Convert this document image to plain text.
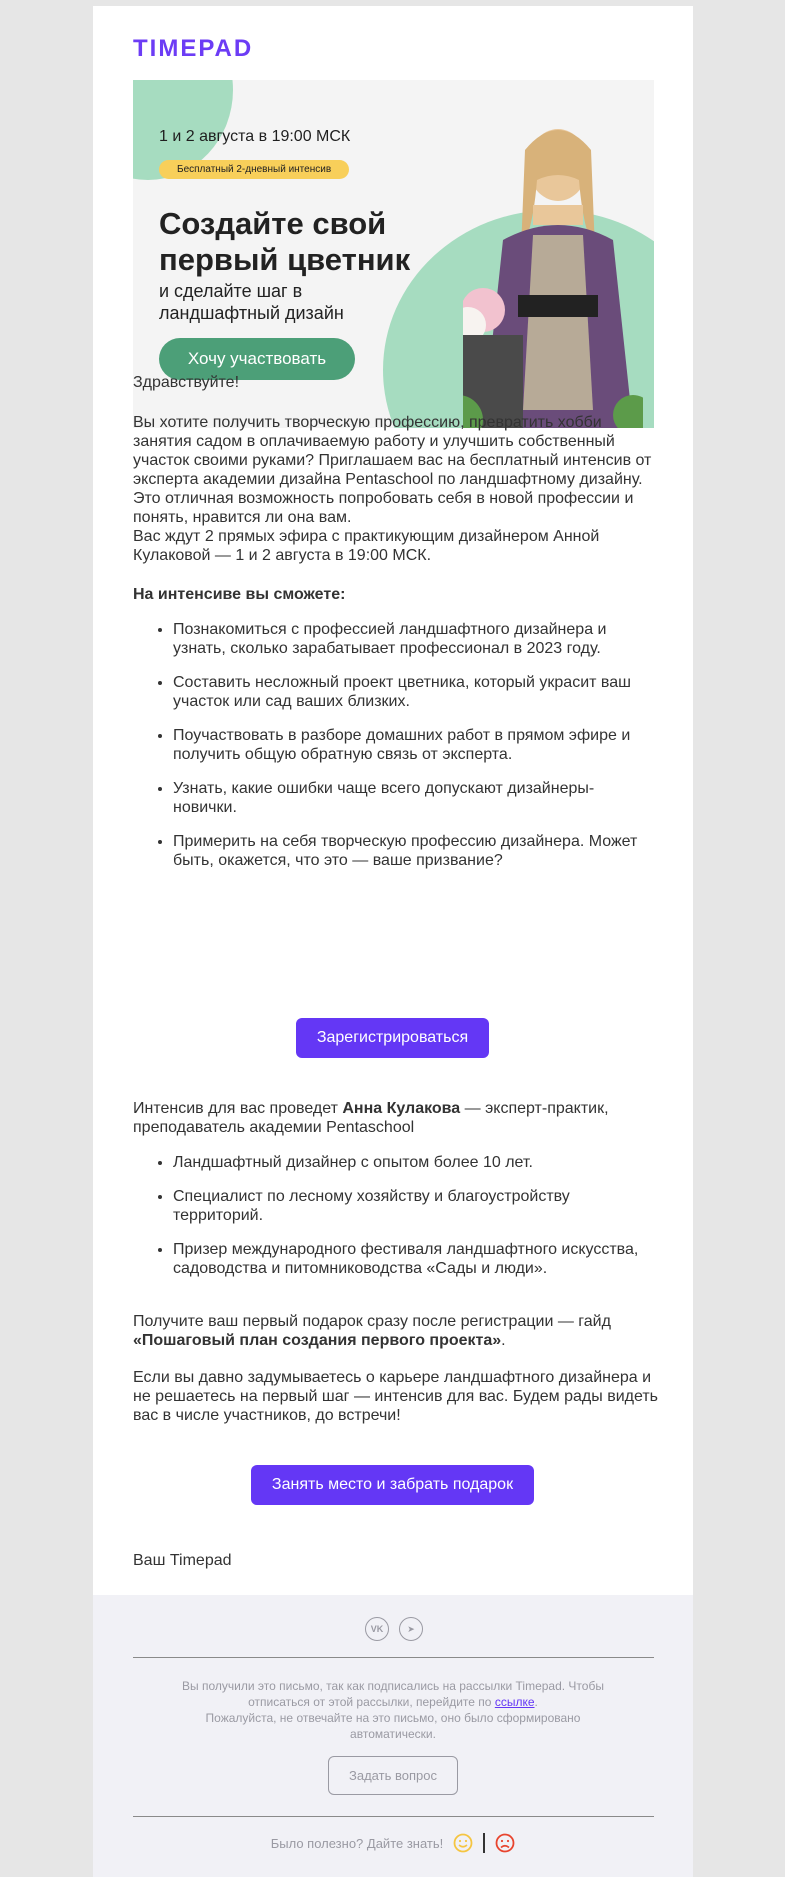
TIMEPAD
1 и 2 августа в 19:00 МСК
Бесплатный 2-дневный интенсив
Создайте свой первый цветник
и сделайте шаг в ландшафтный дизайн
Хочу участвовать

Здравствуйте!

Вы хотите получить творческую профессию, превратить хобби занятия садом в оплачиваемую работу и улучшить собственный участок своими руками? Приглашаем вас на бесплатный интенсив от эксперта академии дизайна Pentaschool по ландшафтному дизайну. Это отличная возможность попробовать себя в новой профессии и понять, нравится ли она вам.

Вас ждут 2 прямых эфира с практикующим дизайнером Анной Кулаковой — 1 и 2 августа в 19:00 МСК.

На интенсиве вы сможете:

• Познакомиться с профессией ландшафтного дизайнера и узнать, сколько зарабатывает профессионал в 2023 году.
• Составить несложный проект цветника, который украсит ваш участок или сад ваших близких.
• Поучаствовать в разборе домашних работ в прямом эфире и получить общую обратную связь от эксперта.
• Узнать, какие ошибки чаще всего допускают дизайнеры-новички.
• Примерить на себя творческую профессию дизайнера. Может быть, окажется, что это — ваше призвание?
Зарегистрироваться

Интенсив для вас проведет Анна Кулакова — эксперт-практик, преподаватель академии Pentaschool

• Ландшафтный дизайнер с опытом более 10 лет.
• Специалист по лесному хозяйству и благоустройству территорий.
• Призер международного фестиваля ландшафтного искусства, садоводства и питомниководства «Сады и люди».

Получите ваш первый подарок сразу после регистрации — гайд «Пошаговый план создания первого проекта».

Если вы давно задумываетесь о карьере ландшафтного дизайнера и не решаетесь на первый шаг — интенсив для вас. Будем рады видеть вас в числе участников, до встречи!

Занять место и забрать подарок

Ваш Timepad

VK	➤
Вы получили это письмо, так как подписались на рассылки Timepad. Чтобы отписаться от этой рассылки, перейдите по ссылке.
Пожалуйста, не отвечайте на это письмо, оно было сформировано автоматически.
Задать вопрос
Было полезно? Дайте знать!
